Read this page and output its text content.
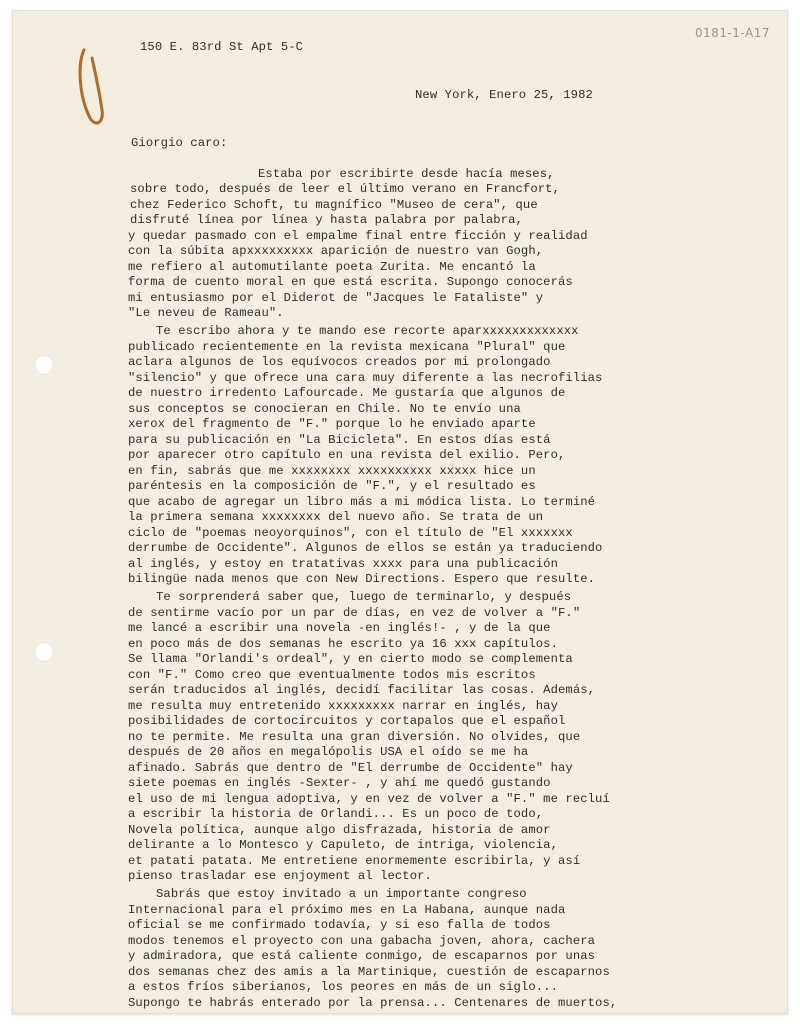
0181-1-A17

150 E. 83rd St Apt 5-C

New York, Enero 25, 1982

Giorgio caro:

Estaba por escribirte desde hacía meses,

sobre todo, después de leer el último verano en Francfort,

chez Federico Schoft, tu magnífico "Museo de cera", que

disfruté línea por línea y hasta palabra por palabra,

y quedar pasmado con el empalme final entre ficción y realidad

con la súbita apxxxxxxxxx aparición de nuestro van Gogh,

me refiero al automutilante poeta Zurita. Me encantó la

forma de cuento moral en que está escrita. Supongo conocerás

mi entusiasmo por el Diderot de "Jacques le Fataliste" y

"Le neveu de Rameau".

Te escribo ahora y te mando ese recorte aparxxxxxxxxxxxxx

publicado recientemente en la revista mexicana "Plural" que

aclara algunos de los equívocos creados por mi prolongado

"silencio" y que ofrece una cara muy diferente a las necrofilias

de nuestro irredento Lafourcade. Me gustaría que algunos de

sus conceptos se conocieran en Chile. No te envío una

xerox del fragmento de "F." porque lo he enviado aparte

para su publicación en "La Bicicleta". En estos días está

por aparecer otro capítulo en una revista del exilio. Pero,

en fin, sabrás que me xxxxxxxx xxxxxxxxxx xxxxx hice un

paréntesis en la composición de "F.", y el resultado es

que acabo de agregar un libro más a mi módica lista. Lo terminé

la primera semana xxxxxxxx del nuevo año. Se trata de un

ciclo de "poemas neoyorquinos", con el título de "El xxxxxxx

derrumbe de Occidente". Algunos de ellos se están ya traduciendo

al inglés, y estoy en tratativas xxxx para una publicación

bilingüe nada menos que con New Directions. Espero que resulte.

Te sorprenderá saber que, luego de terminarlo, y después

de sentirme vacío por un par de días, en vez de volver a "F."

me lancé a escribir una novela -en inglés!- , y de la que

en poco más de dos semanas he escrito ya 16 xxx capítulos.

Se llama "Orlandi's ordeal", y en cierto modo se complementa

con "F." Como creo que eventualmente todos mis escritos

serán traducidos al inglés, decidí facilitar las cosas. Además,

me resulta muy entretenido xxxxxxxxx narrar en inglés, hay

posibilidades de cortocircuitos y cortapalos que el español

no te permite. Me resulta una gran diversión. No olvides, que

después de 20 años en megalópolis USA el oído se me ha

afinado. Sabrás que dentro de "El derrumbe de Occidente" hay

siete poemas en inglés -Sexter- , y ahí me quedó gustando

el uso de mi lengua adoptiva, y en vez de volver a "F." me recluí

a escribir la historia de Orlandi... Es un poco de todo,

Novela política, aunque algo disfrazada, historia de amor

delirante a lo Montesco y Capuleto, de intriga, violencia,

et patati patata. Me entretiene enormemente escribirla, y así

pienso trasladar ese enjoyment al lector.

Sabrás que estoy invitado a un importante congreso

Internacional para el próximo mes en La Habana, aunque nada

oficial se me confirmado todavía, y si eso falla de todos

modos tenemos el proyecto con una gabacha joven, ahora, cachera

y admiradora, que está caliente conmigo, de escaparnos por unas

dos semanas chez des amis a la Martinique, cuestión de escaparnos

a estos fríos siberianos, los peores en más de un siglo...

Supongo te habrás enterado por la prensa... Centenares de muertos,
